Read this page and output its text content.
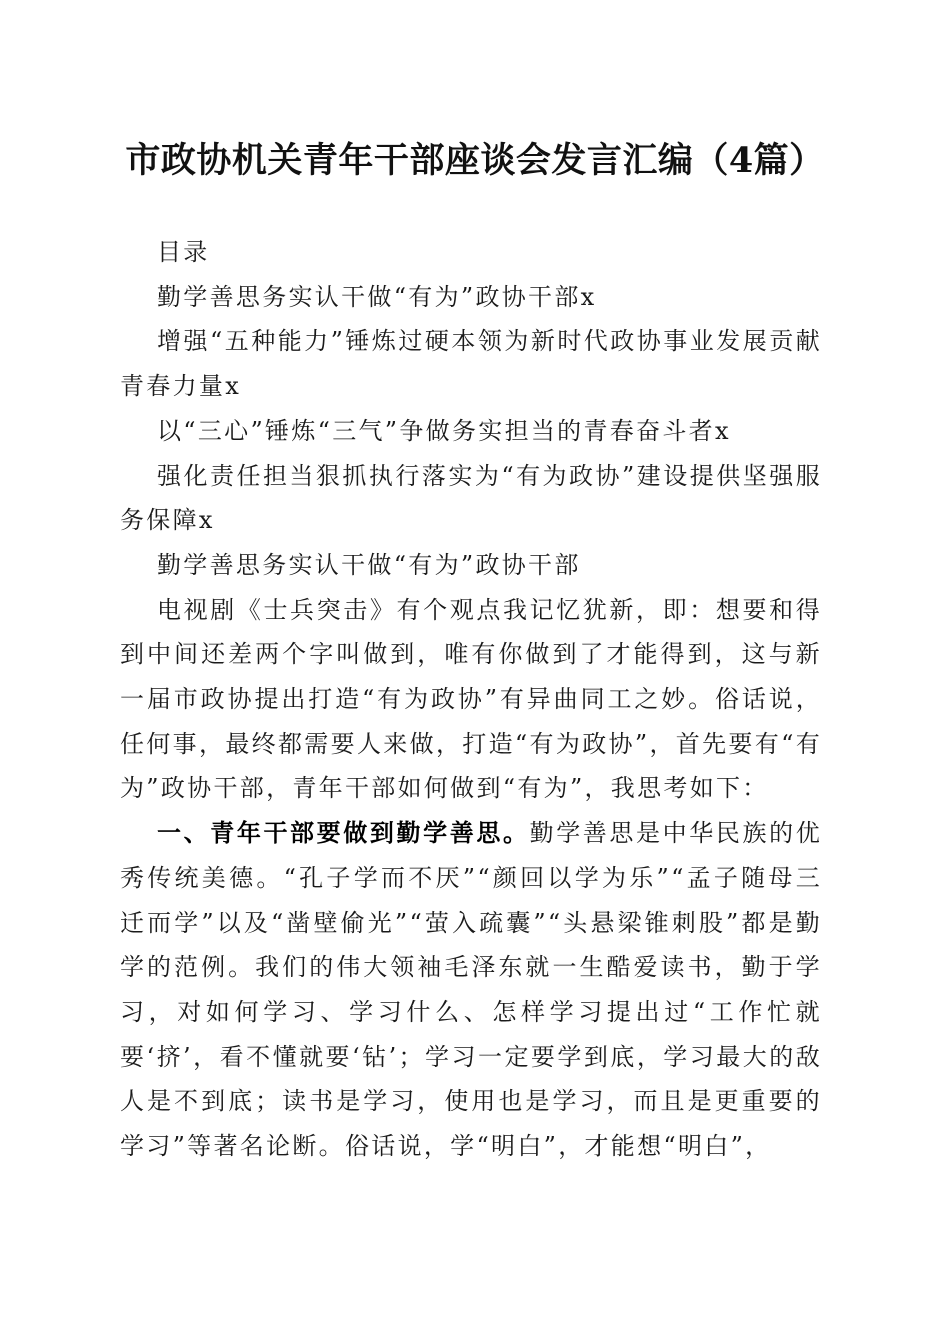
市政协机关青年干部座谈会发言汇编（4篇）

目录

勤学善思务实认干做“有为”政协干部x

增强“五种能力”锤炼过硬本领为新时代政协事业发展贡献青春力量x

以“三心”锤炼“三气”争做务实担当的青春奋斗者x

强化责任担当狠抓执行落实为“有为政协”建设提供坚强服务保障x

勤学善思务实认干做“有为”政协干部

电视剧《士兵突击》有个观点我记忆犹新，即：想要和得到中间还差两个字叫做到，唯有你做到了才能得到，这与新一届市政协提出打造“有为政协”有异曲同工之妙。俗话说，任何事，最终都需要人来做，打造“有为政协”，首先要有“有为”政协干部，青年干部如何做到“有为”，我思考如下：

一、青年干部要做到勤学善思。勤学善思是中华民族的优秀传统美德。“孔子学而不厌”“颜回以学为乐”“孟子随母三迁而学”以及“凿壁偷光”“萤入疏囊”“头悬梁锥刺股”都是勤学的范例。我们的伟大领袖毛泽东就一生酷爱读书，勤于学习，对如何学习、学习什么、怎样学习提出过“工作忙就要‘挤’，看不懂就要‘钻’；学习一定要学到底，学习最大的敌人是不到底；读书是学习，使用也是学习，而且是更重要的学习”等著名论断。俗话说，学“明白”，才能想“明白”，
